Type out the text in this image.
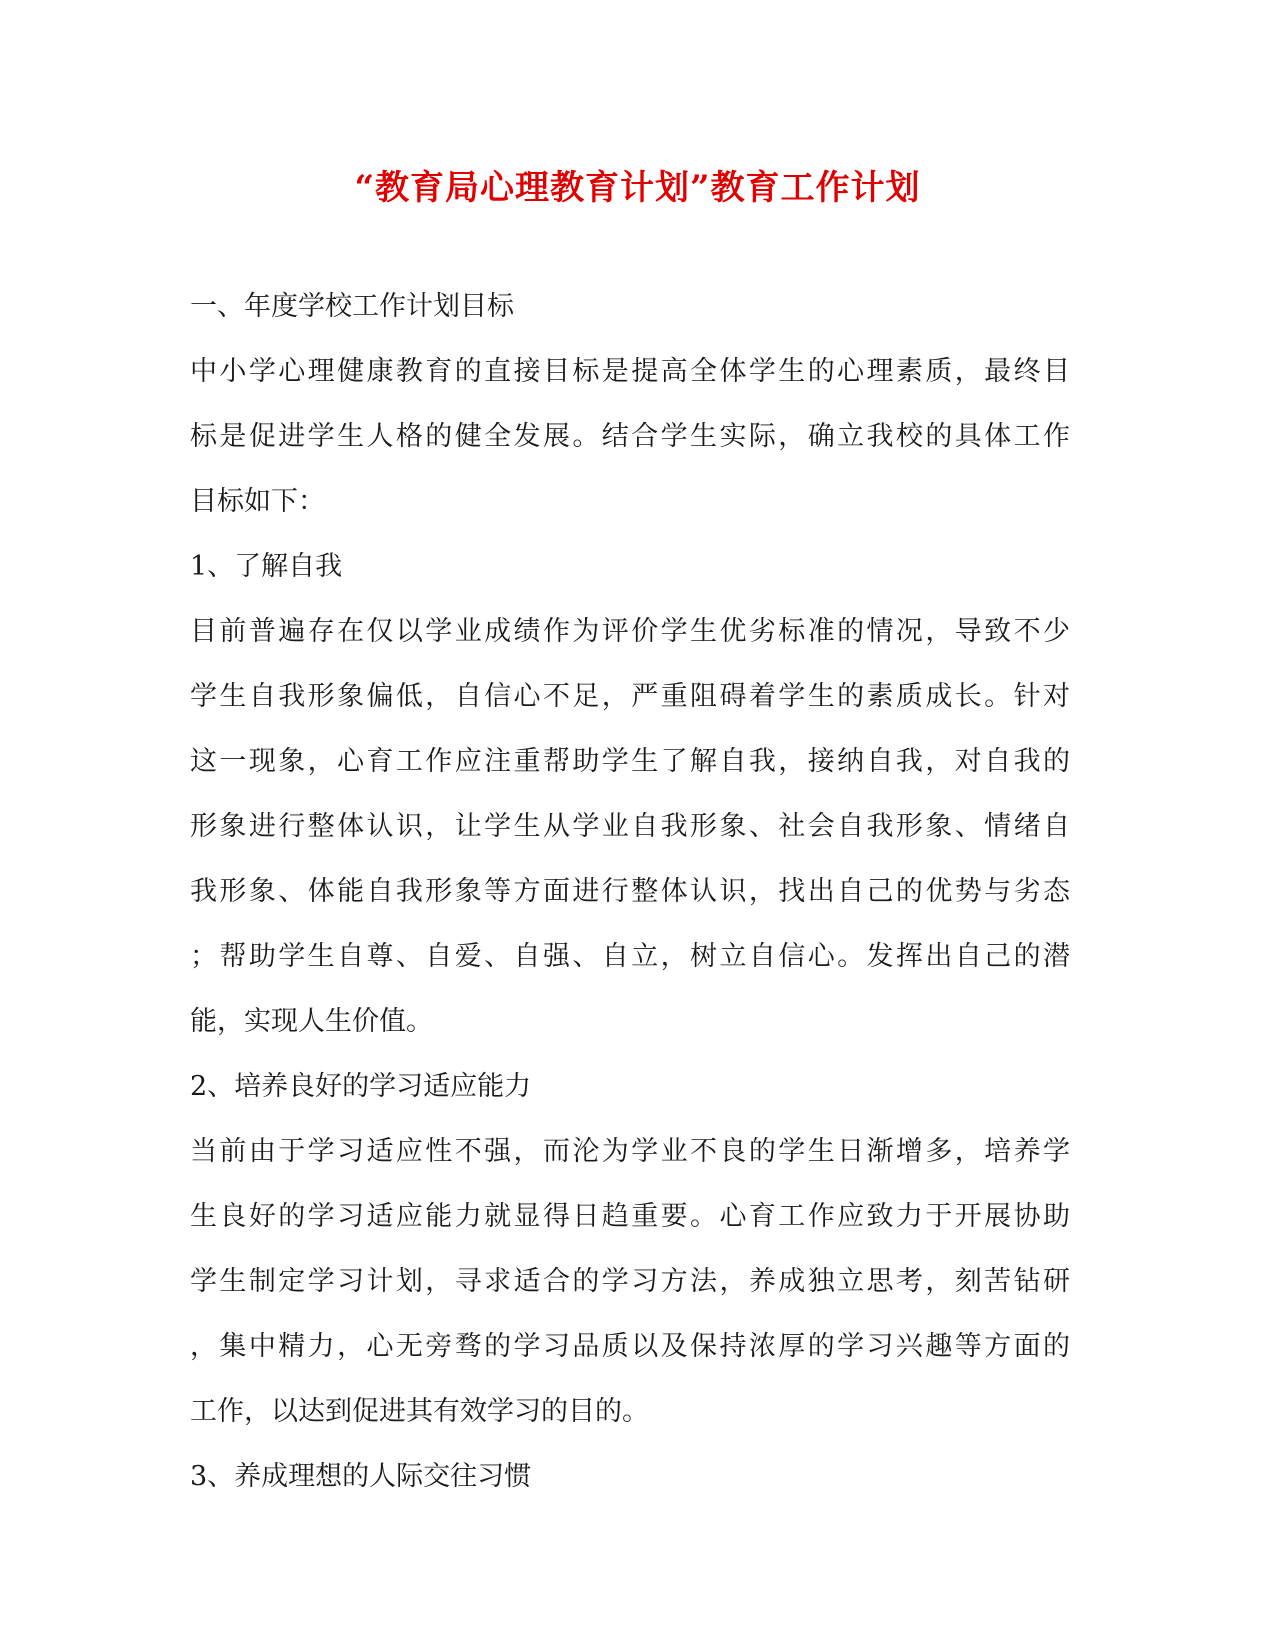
“教育局心理教育计划”教育工作计划
一、年度学校工作计划目标
中小学心理健康教育的直接目标是提高全体学生的心理素质，最终目
标是促进学生人格的健全发展。结合学生实际，确立我校的具体工作
目标如下：
1、了解自我
目前普遍存在仅以学业成绩作为评价学生优劣标准的情况，导致不少
学生自我形象偏低，自信心不足，严重阻碍着学生的素质成长。针对
这一现象，心育工作应注重帮助学生了解自我，接纳自我，对自我的
形象进行整体认识，让学生从学业自我形象、社会自我形象、情绪自
我形象、体能自我形象等方面进行整体认识，找出自己的优势与劣态
；帮助学生自尊、自爱、自强、自立，树立自信心。发挥出自己的潜
能，实现人生价值。
2、培养良好的学习适应能力
当前由于学习适应性不强，而沦为学业不良的学生日渐增多，培养学
生良好的学习适应能力就显得日趋重要。心育工作应致力于开展协助
学生制定学习计划，寻求适合的学习方法，养成独立思考，刻苦钻研
，集中精力，心无旁骛的学习品质以及保持浓厚的学习兴趣等方面的
工作，以达到促进其有效学习的目的。
3、养成理想的人际交往习惯
